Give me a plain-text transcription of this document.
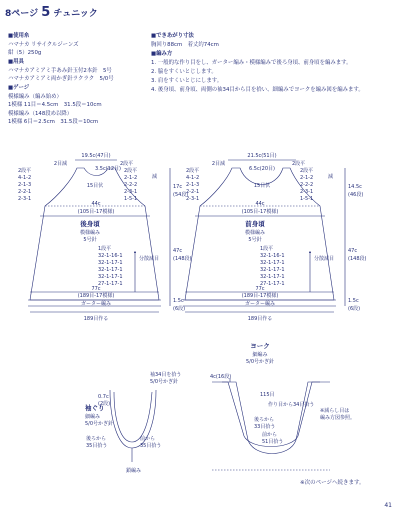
8ページ 5 チュニック
■使用糸
ハマナカ リサイクルジーンズ
紺（5）250g
■用具
ハマナカアミアミ手あみ針玉付2本針　5号
ハマナカアミアミ両かぎ針ラクラク　5/0号
■ゲージ
模様編み（編み始め）
1模様 11目＝4.5cm　31.5段＝10cm
模様編み（148段め以降）
1模様 6目＝2.5cm　31.5段＝10cm
■できあがり寸法
胸回り88cm　着丈約74cm
■編み方
1. 一般的な作り目をし、ガーター編み・模様編みで後ろ身頃、前身頃を編みます。
2. 脇をすくいとじします。
3. 肩をすくいとじにします。
4. 後身頃、前身頃、両側の袖34目から目を拾い、細編みでヨークを編み図を編みます。
19.5c(47目)
2目減
3.5c(12目)
2段平
15目伏
2段平
4-1-2
2-1-3
2-2-1
2-3-1
2段平
2-1-2
2-2-2
2-3-1
1-5-1
減
17c
(54段)
44c
(105目-17模様)
後身頃
模様編み
5号針
1段平
32-1-16-1
32-1-17-1
32-1-17-1
32-1-17-1
27-1-17-1
分散減目
47c
(148段)
77c
(189目-17模様)
ガーター編み
189目作る
1.5c
(6段)
21.5c(51目)
2目減
6.5c(20目)
2段平
15目伏
2段平
4-1-2
2-1-3
2-2-1
2-3-1
2段平
2-1-2
2-2-2
2-3-1
1-5-1
減
14.5c
(46段)
44c
(105目-17模様)
前身頃
模様編み
5号針
1段平
32-1-16-1
32-1-17-1
32-1-17-1
32-1-17-1
27-1-17-1
分散減目
47c
(148段)
77c
(189目-17模様)
ガーター編み
189目作る
1.5c
(6段)
袖34目を拾う
5/0号かぎ針
袖ぐり
細編み
5/0号かぎ針
0.7c
(2段)
後ろから
35目拾う
前から
35目拾う
鎖編み
ヨーク
細編み
5/0号かぎ針
4c(16段)
115目
作り目から34目拾う
後ろから
33目拾う
前から
51目拾う
※減らし目は
編み方図参照。
※次のページへ続きます。
41
